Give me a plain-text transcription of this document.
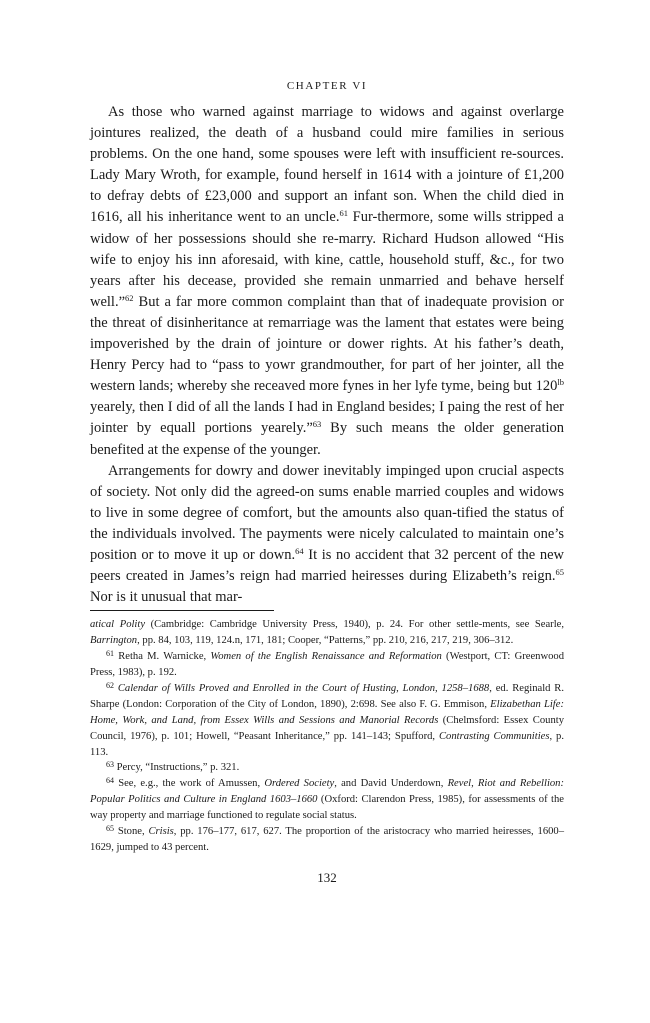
CHAPTER VI

As those who warned against marriage to widows and against overlarge jointures realized, the death of a husband could mire families in serious problems. On the one hand, some spouses were left with insufficient re-sources. Lady Mary Wroth, for example, found herself in 1614 with a jointure of £1,200 to defray debts of £23,000 and support an infant son. When the child died in 1616, all his inheritance went to an uncle.$^{61}$ Fur-thermore, some wills stripped a widow of her possessions should she re-marry. Richard Hudson allowed “His wife to enjoy his inn aforesaid, with kine, cattle, household stuff, &c., for two years after his decease, provided she remain unmarried and behave herself well.”$^{62}$ But a far more common complaint than that of inadequate provision or the threat of disinheritance at remarriage was the lament that estates were being impoverished by the drain of jointure or dower rights. At his father’s death, Henry Percy had to “pass to yowr grandmouther, for part of her jointer, all the western lands; whereby she receaved more fynes in her lyfe tyme, being but $120^{lb}$ yearely, then I did of all the lands I had in England besides; I paing the rest of her jointer by equall portions yearely.”$^{63}$ By such means the older generation benefited at the expense of the younger.

Arrangements for dowry and dower inevitably impinged upon crucial aspects of society. Not only did the agreed-on sums enable married couples and widows to live in some degree of comfort, but the amounts also quan-tified the status of the individuals involved. The payments were nicely calculated to maintain one’s position or to move it up or down.$^{64}$ It is no accident that 32 percent of the new peers created in James’s reign had married heiresses during Elizabeth’s reign.$^{65}$ Nor is it unusual that mar-

atical Polity (Cambridge: Cambridge University Press, 1940), p. 24. For other settle-ments, see Searle, Barrington, pp. 84, 103, 119, 124.n, 171, 181; Cooper, “Patterns,” pp. 210, 216, 217, 219, 306–312.

$^{61}$ Retha M. Warnicke, Women of the English Renaissance and Reformation (Westport, CT: Greenwood Press, 1983), p. 192.

$^{62}$ Calendar of Wills Proved and Enrolled in the Court of Husting, London, 1258–1688, ed. Reginald R. Sharpe (London: Corporation of the City of London, 1890), 2:698. See also F. G. Emmison, Elizabethan Life: Home, Work, and Land, from Essex Wills and Sessions and Manorial Records (Chelmsford: Essex County Council, 1976), p. 101; Howell, “Peasant Inheritance,” pp. 141–143; Spufford, Contrasting Communities, p. 113.

$^{63}$ Percy, “Instructions,” p. 321.

$^{64}$ See, e.g., the work of Amussen, Ordered Society, and David Underdown, Revel, Riot and Rebellion: Popular Politics and Culture in England 1603–1660 (Oxford: Clarendon Press, 1985), for assessments of the way property and marriage functioned to regulate social status.

$^{65}$ Stone, Crisis, pp. 176–177, 617, 627. The proportion of the aristocracy who married heiresses, 1600–1629, jumped to 43 percent.

132
